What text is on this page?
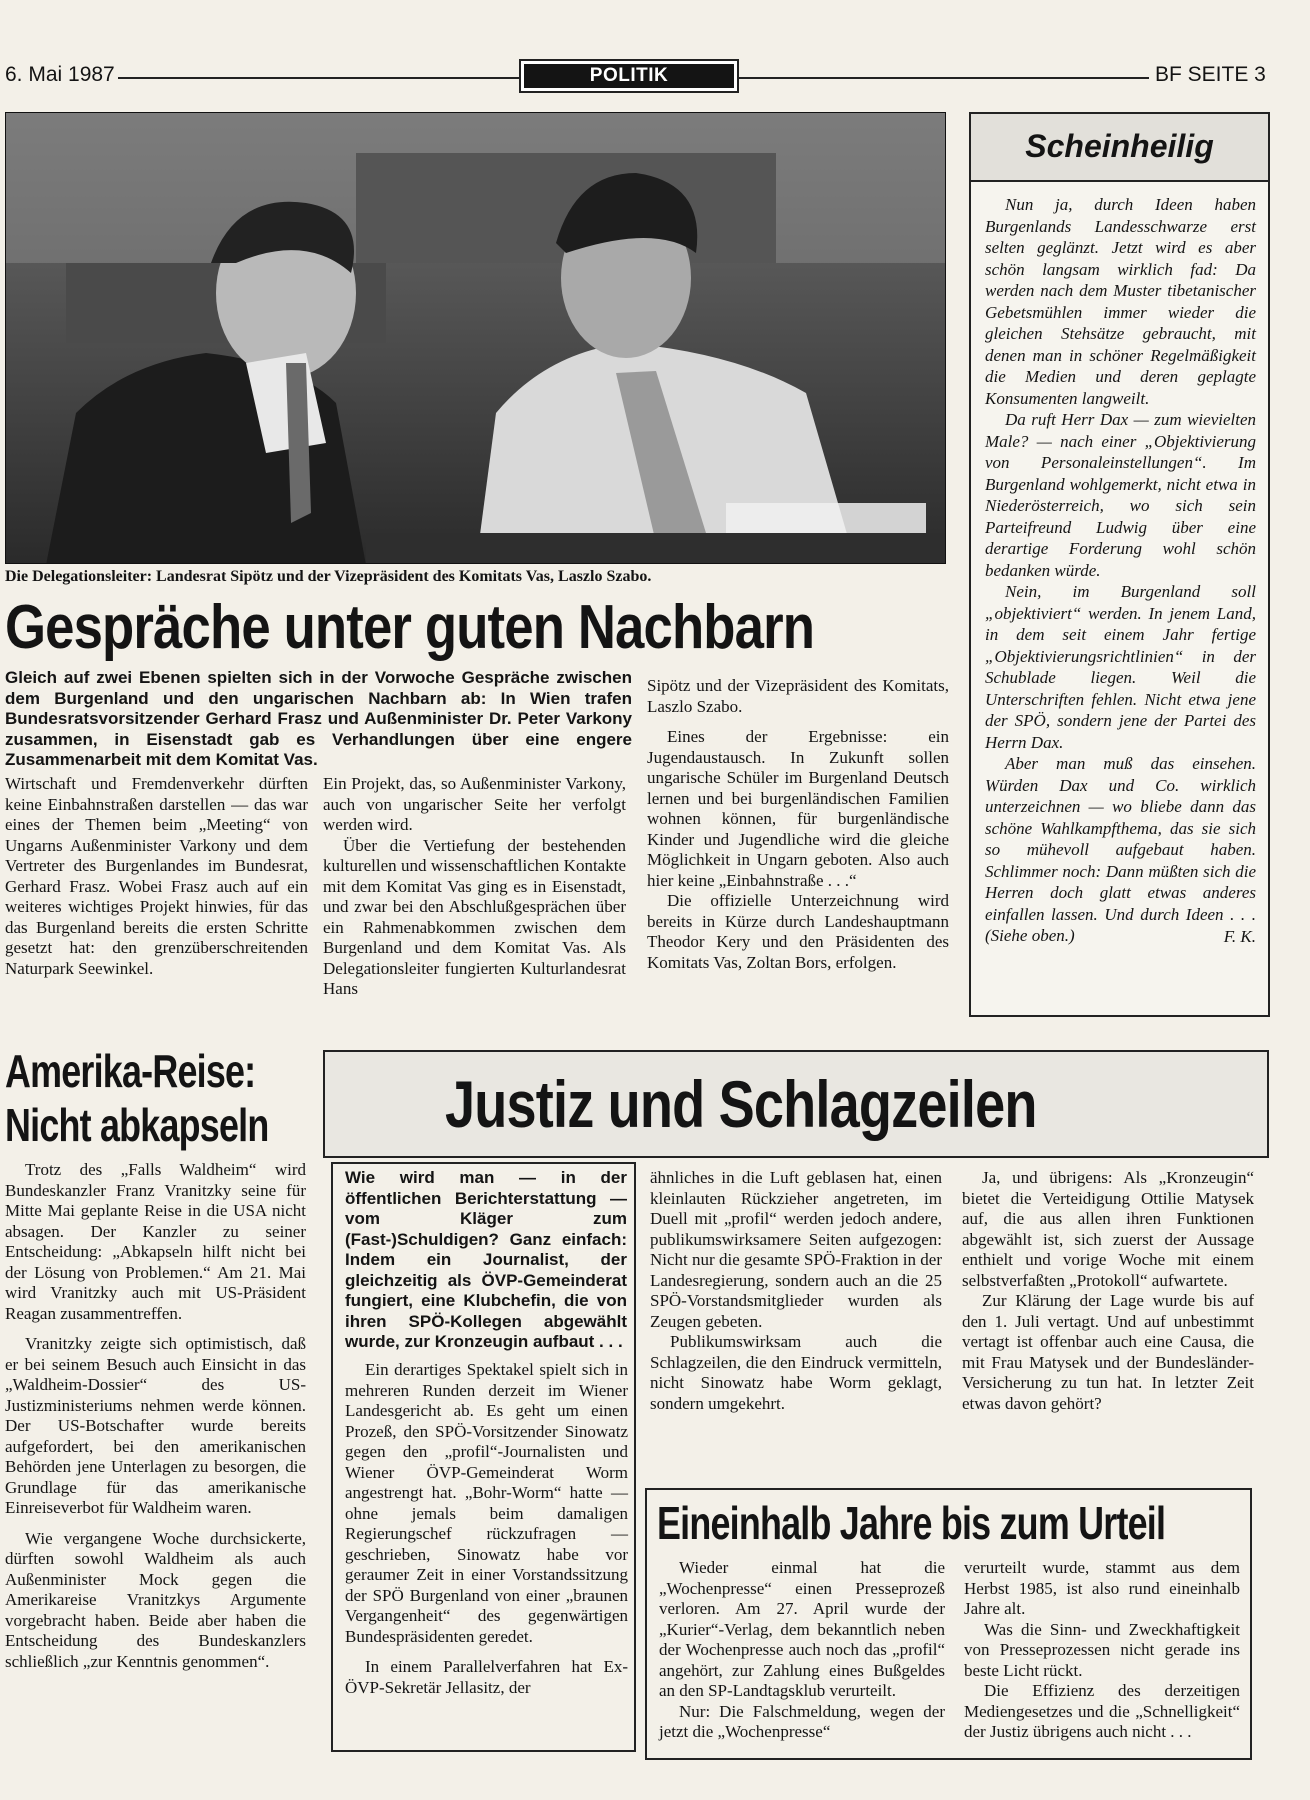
6. Mai 1987	POLITIK	BF SEITE 3
Die Delegationsleiter: Landesrat Sipötz und der Vizepräsident des Komitats Vas, Laszlo Szabo.
Gespräche unter guten Nachbarn
Gleich auf zwei Ebenen spielten sich in der Vorwoche Gespräche zwischen dem Burgenland und den ungarischen Nachbarn ab: In Wien trafen Bundesratsvorsitzender Gerhard Frasz und Außenminister Dr. Peter Varkony zusammen, in Eisenstadt gab es Verhandlungen über eine engere Zusammenarbeit mit dem Komitat Vas.

Wirtschaft und Fremdenverkehr dürften keine Einbahnstraßen darstellen — das war eines der Themen beim „Meeting“ von Ungarns Außenminister Varkony und dem Vertreter des Burgenlandes im Bundesrat, Gerhard Frasz. Wobei Frasz auch auf ein weiteres wichtiges Projekt hinwies, für das das Burgenland bereits die ersten Schritte gesetzt hat: den grenzüberschreitenden Naturpark Seewinkel.

Ein Projekt, das, so Außenminister Varkony, auch von ungarischer Seite her verfolgt werden wird.

Über die Vertiefung der bestehenden kulturellen und wissenschaftlichen Kontakte mit dem Komitat Vas ging es in Eisenstadt, und zwar bei den Abschlußgesprächen über ein Rahmenabkommen zwischen dem Burgenland und dem Komitat Vas. Als Delegationsleiter fungierten Kulturlandesrat Hans

Sipötz und der Vizepräsident des Komitats, Laszlo Szabo.

Eines der Ergebnisse: ein Jugendaustausch. In Zukunft sollen ungarische Schüler im Burgenland Deutsch lernen und bei burgenländischen Familien wohnen können, für burgenländische Kinder und Jugendliche wird die gleiche Möglichkeit in Ungarn geboten. Also auch hier keine „Einbahnstraße . . .“

Die offizielle Unterzeichnung wird bereits in Kürze durch Landeshauptmann Theodor Kery und den Präsidenten des Komitats Vas, Zoltan Bors, erfolgen.

Scheinheilig

Nun ja, durch Ideen haben Burgenlands Landesschwarze erst selten geglänzt. Jetzt wird es aber schön langsam wirklich fad: Da werden nach dem Muster tibetanischer Gebetsmühlen immer wieder die gleichen Stehsätze gebraucht, mit denen man in schöner Regelmäßigkeit die Medien und deren geplagte Konsumenten langweilt.

Da ruft Herr Dax — zum wievielten Male? — nach einer „Objektivierung von Personaleinstellungen“. Im Burgenland wohlgemerkt, nicht etwa in Niederösterreich, wo sich sein Parteifreund Ludwig über eine derartige Forderung wohl schön bedanken würde.

Nein, im Burgenland soll „objektiviert“ werden. In jenem Land, in dem seit einem Jahr fertige „Objektivierungsrichtlinien“ in der Schublade liegen. Weil die Unterschriften fehlen. Nicht etwa jene der SPÖ, sondern jene der Partei des Herrn Dax.

Aber man muß das einsehen. Würden Dax und Co. wirklich unterzeichnen — wo bliebe dann das schöne Wahlkampfthema, das sie sich so mühevoll aufgebaut haben. Schlimmer noch: Dann müßten sich die Herren doch glatt etwas anderes einfallen lassen. Und durch Ideen . . . (Siehe oben.)	F. K.
Amerika-Reise:
Nicht abkapseln

Trotz des „Falls Waldheim“ wird Bundeskanzler Franz Vranitzky seine für Mitte Mai geplante Reise in die USA nicht absagen. Der Kanzler zu seiner Entscheidung: „Abkapseln hilft nicht bei der Lösung von Problemen.“ Am 21. Mai wird Vranitzky auch mit US-Präsident Reagan zusammentreffen.

Vranitzky zeigte sich optimistisch, daß er bei seinem Besuch auch Einsicht in das „Waldheim-Dossier“ des US-Justizministeriums nehmen werde können. Der US-Botschafter wurde bereits aufgefordert, bei den amerikanischen Behörden jene Unterlagen zu besorgen, die Grundlage für das amerikanische Einreiseverbot für Waldheim waren.

Wie vergangene Woche durchsickerte, dürften sowohl Waldheim als auch Außenminister Mock gegen die Amerikareise Vranitzkys Argumente vorgebracht haben. Beide aber haben die Entscheidung des Bundeskanzlers schließlich „zur Kenntnis genommen“.

Justiz und Schlagzeilen
Wie wird man — in der öffentlichen Berichterstattung — vom Kläger zum (Fast-)Schuldigen? Ganz einfach: Indem ein Journalist, der gleichzeitig als ÖVP-Gemeinderat fungiert, eine Klubchefin, die von ihren SPÖ-Kollegen abgewählt wurde, zur Kronzeugin aufbaut . . .

Ein derartiges Spektakel spielt sich in mehreren Runden derzeit im Wiener Landesgericht ab. Es geht um einen Prozeß, den SPÖ-Vorsitzender Sinowatz gegen den „profil“-Journalisten und Wiener ÖVP-Gemeinderat Worm angestrengt hat. „Bohr-Worm“ hatte — ohne jemals beim damaligen Regierungschef rückzufragen — geschrieben, Sinowatz habe vor geraumer Zeit in einer Vorstandssitzung der SPÖ Burgenland von einer „braunen Vergangenheit“ des gegenwärtigen Bundespräsidenten geredet.

In einem Parallelverfahren hat Ex-ÖVP-Sekretär Jellasitz, der

ähnliches in die Luft geblasen hat, einen kleinlauten Rückzieher angetreten, im Duell mit „profil“ werden jedoch andere, publikumswirksamere Seiten aufgezogen: Nicht nur die gesamte SPÖ-Fraktion in der Landesregierung, sondern auch an die 25 SPÖ-Vorstandsmitglieder wurden als Zeugen gebeten.

Publikumswirksam auch die Schlagzeilen, die den Eindruck vermitteln, nicht Sinowatz habe Worm geklagt, sondern umgekehrt.

Ja, und übrigens: Als „Kronzeugin“ bietet die Verteidigung Ottilie Matysek auf, die aus allen ihren Funktionen abgewählt ist, sich zuerst der Aussage enthielt und vorige Woche mit einem selbstverfaßten „Protokoll“ aufwartete.

Zur Klärung der Lage wurde bis auf den 1. Juli vertagt. Und auf unbestimmt vertagt ist offenbar auch eine Causa, die mit Frau Matysek und der Bundesländer-Versicherung zu tun hat. In letzter Zeit etwas davon gehört?

Eineinhalb Jahre bis zum Urteil

Wieder einmal hat die „Wochenpresse“ einen Presseprozeß verloren. Am 27. April wurde der „Kurier“-Verlag, dem bekanntlich neben der Wochenpresse auch noch das „profil“ angehört, zur Zahlung eines Bußgeldes an den SP-Landtagsklub verurteilt.

Nur: Die Falschmeldung, wegen der jetzt die „Wochenpresse“

verurteilt wurde, stammt aus dem Herbst 1985, ist also rund eineinhalb Jahre alt.

Was die Sinn- und Zweckhaftigkeit von Presseprozessen nicht gerade ins beste Licht rückt.

Die Effizienz des derzeitigen Mediengesetzes und die „Schnelligkeit“ der Justiz übrigens auch nicht . . .
